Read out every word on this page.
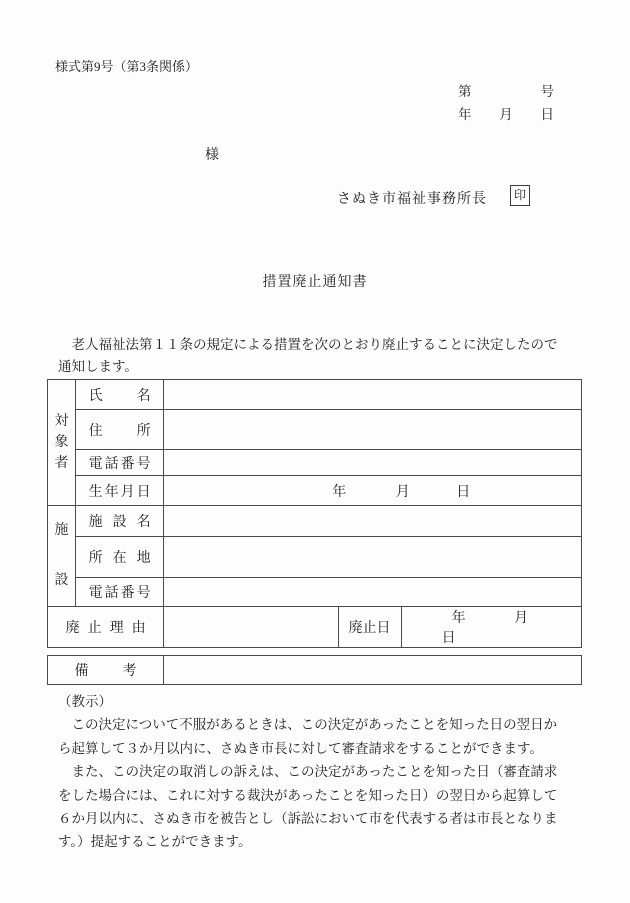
様式第9号（第3条関係）
第	号
年 月 日
様
さぬき市福祉事務所長	印
措置廃止通知書
　老人福祉法第１１条の規定による措置を次のとおり廃止することに決定したので
通知します。
対象者	氏名			

	住所			

	電話番号			

	生年月日	年 月 日		
施設	施設名			

	所在地			

	電話番号			

廃止理由			廃止日	年 月 日
備考

（教示）
　この決定について不服があるときは、この決定があったことを知った日の翌日か
ら起算して３か月以内に、さぬき市長に対して審査請求をすることができます。
　また、この決定の取消しの訴えは、この決定があったことを知った日（審査請求
をした場合には、これに対する裁決があったことを知った日）の翌日から起算して
６か月以内に、さぬき市を被告とし（訴訟において市を代表する者は市長となりま
す。）提起することができます。
